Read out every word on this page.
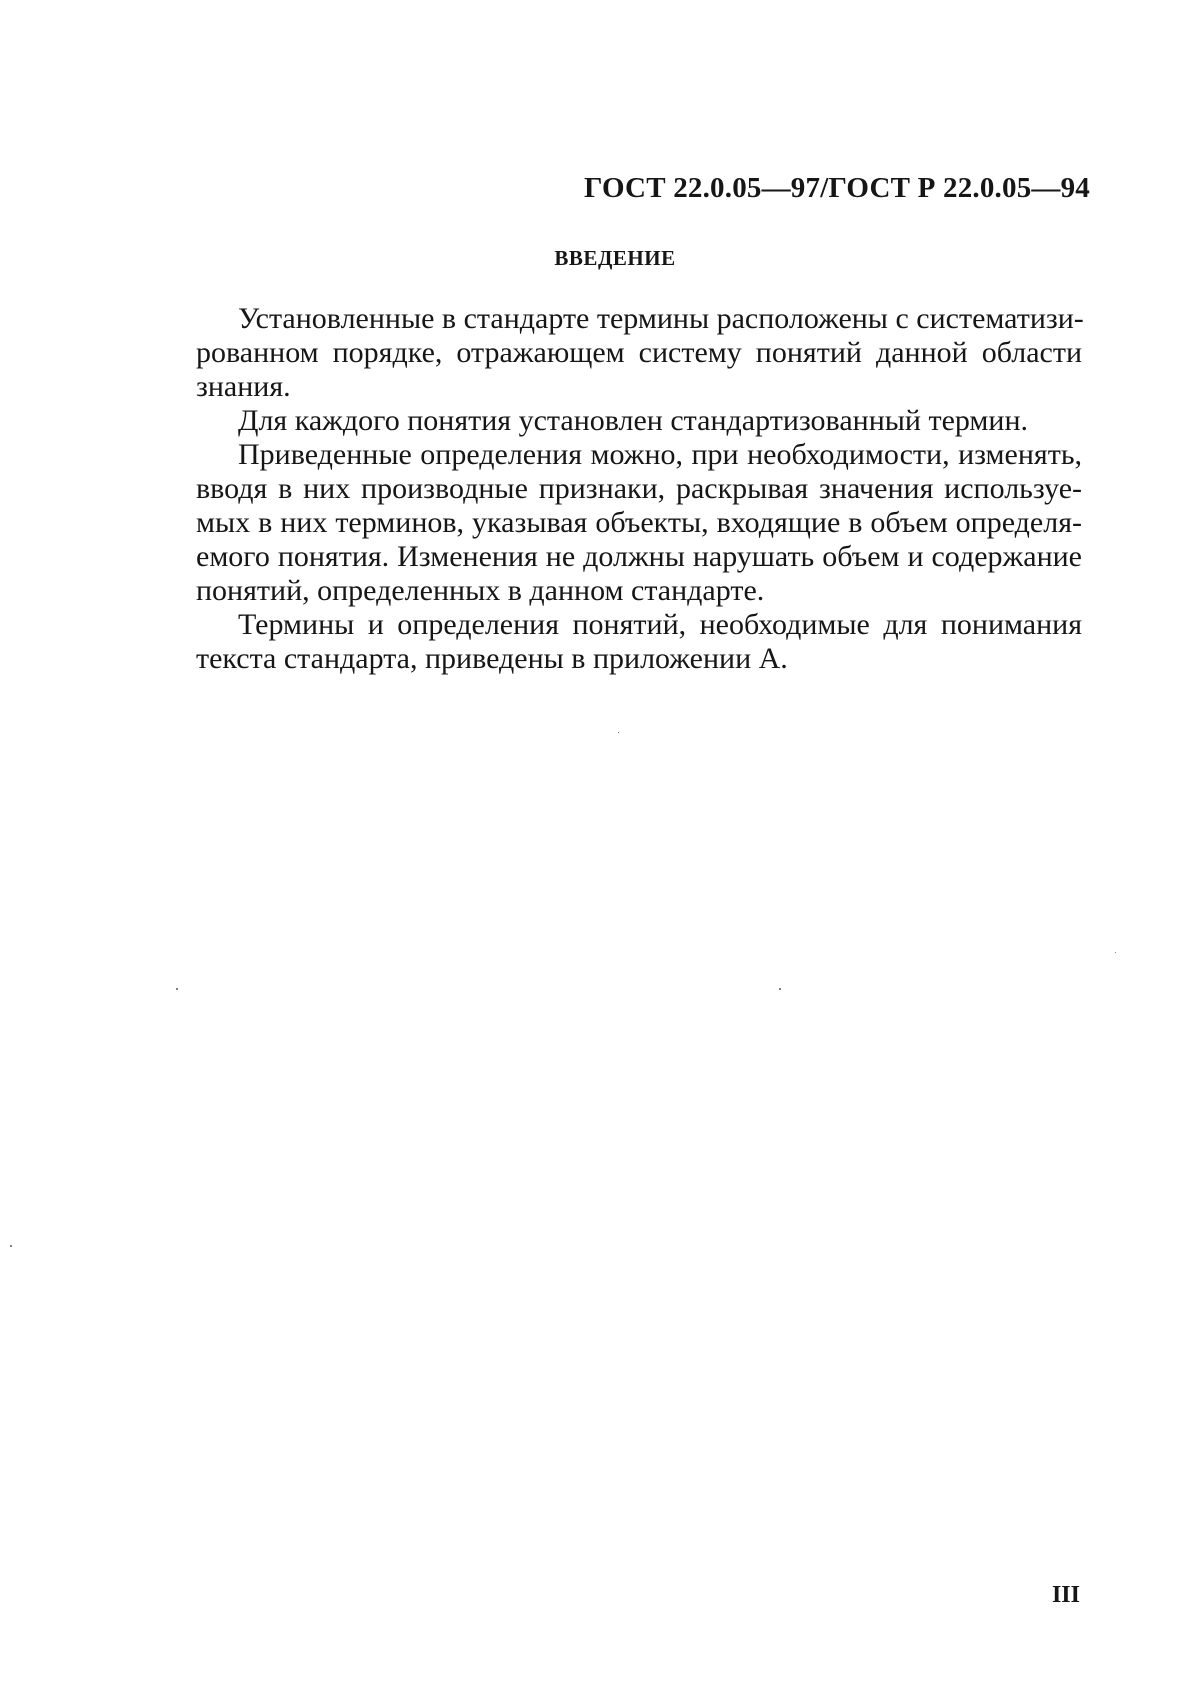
ГОСТ 22.0.05—97/ГОСТ Р 22.0.05—94
ВВЕДЕНИЕ
Установленные в стандарте термины расположены с систематизи-
рованном порядке, отражающем систему понятий данной области
знания.
Для каждого понятия установлен стандартизованный термин.
Приведенные определения можно, при необходимости, изменять,
вводя в них производные признаки, раскрывая значения используе-
мых в них терминов, указывая объекты, входящие в объем определя-
емого понятия. Изменения не должны нарушать объем и содержание
понятий, определенных в данном стандарте.
Термины и определения понятий, необходимые для понимания
текста стандарта, приведены в приложении А.
III
